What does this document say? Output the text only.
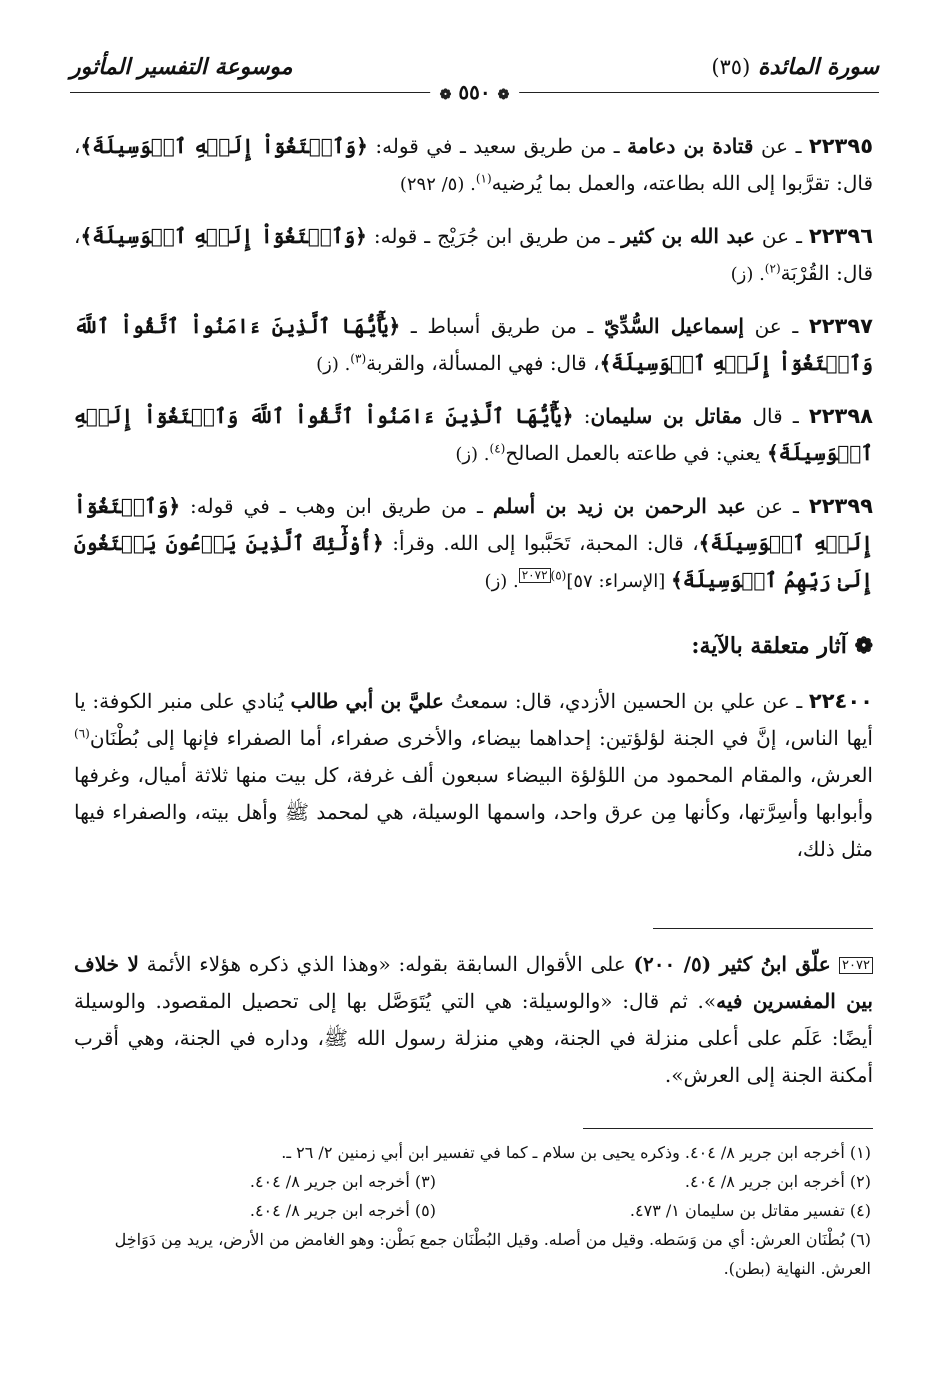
سورة المائدة (٣٥)
موسوعة التفسير المأثور
❁ ٥٥٠ ❁

٢٢٣٩٥ ـ عن قتادة بن دعامة ـ من طريق سعيد ـ في قوله: ﴿وَٱبۡتَغُوٓاْ إِلَيۡهِ ٱلۡوَسِيلَةَ﴾، قال: تقرَّبوا إلى الله بطاعته، والعمل بما يُرضيه$^{(١)}$. (٥/ ٢٩٢)

٢٢٣٩٦ ـ عن عبد الله بن كثير ـ من طريق ابن جُرَيْج ـ قوله: ﴿وَٱبۡتَغُوٓاْ إِلَيۡهِ ٱلۡوَسِيلَةَ﴾، قال: القُرْبَة$^{(٢)}$. (ز)

٢٢٣٩٧ ـ عن إسماعيل السُّدِّيّ ـ من طريق أسباط ـ ﴿يَٰٓأَيُّهَا ٱلَّذِينَ ءَامَنُواْ ٱتَّقُواْ ٱللَّهَ وَٱبۡتَغُوٓاْ إِلَيۡهِ ٱلۡوَسِيلَةَ﴾، قال: فهي المسألة، والقربة$^{(٣)}$. (ز)

٢٢٣٩٨ ـ قال مقاتل بن سليمان: ﴿يَٰٓأَيُّهَا ٱلَّذِينَ ءَامَنُواْ ٱتَّقُواْ ٱللَّهَ وَٱبۡتَغُوٓاْ إِلَيۡهِ ٱلۡوَسِيلَةَ﴾ يعني: في طاعته بالعمل الصالح$^{(٤)}$. (ز)

٢٢٣٩٩ ـ عن عبد الرحمن بن زيد بن أسلم ـ من طريق ابن وهب ـ في قوله: ﴿وَٱبۡتَغُوٓاْ إِلَيۡهِ ٱلۡوَسِيلَةَ﴾، قال: المحبة، تَحَبَّبوا إلى الله. وقرأ: ﴿أُوْلَٰٓئِكَ ٱلَّذِينَ يَدۡعُونَ يَبۡتَغُونَ إِلَىٰ رَبِّهِمُ ٱلۡوَسِيلَةَ﴾ [الإسراء: ٥٧]$^{(٥)}$٢٠٧٢. (ز)

❁ آثار متعلقة بالآية:

٢٢٤٠٠ ـ عن علي بن الحسين الأزدي، قال: سمعتُ عليَّ بن أبي طالب يُنادي على منبر الكوفة: يا أيها الناس، إنَّ في الجنة لؤلؤتين: إحداهما بيضاء، والأخرى صفراء، أما الصفراء فإنها إلى بُطْنَان$^{(٦)}$ العرش، والمقام المحمود من اللؤلؤة البيضاء سبعون ألف غرفة، كل بيت منها ثلاثة أميال، وغرفها وأبوابها وأسِرَّتها، وكأنها مِن عرق واحد، واسمها الوسيلة، هي لمحمد ﷺ وأهل بيته، والصفراء فيها مثل ذلك،

٢٠٧٢ علّق ابنُ كثير (٥/ ٢٠٠) على الأقوال السابقة بقوله: «وهذا الذي ذكره هؤلاء الأئمة لا خلاف بين المفسرين فيه». ثم قال: «والوسيلة: هي التي يُتَوَصَّل بها إلى تحصيل المقصود. والوسيلة أيضًا: عَلَم على أعلى منزلة في الجنة، وهي منزلة رسول الله ﷺ، وداره في الجنة، وهي أقرب أمكنة الجنة إلى العرش».
(١) أخرجه ابن جرير ٨/ ٤٠٤. وذكره يحيى بن سلام ـ كما في تفسير ابن أبي زمنين ٢/ ٢٦ ـ.
(٢) أخرجه ابن جرير ٨/ ٤٠٤.
(٣) أخرجه ابن جرير ٨/ ٤٠٤.
(٤) تفسير مقاتل بن سليمان ١/ ٤٧٣.
(٥) أخرجه ابن جرير ٨/ ٤٠٤.
(٦) بُطْنَان العرش: أي من وَسَطه. وقيل من أصله. وقيل البُطْنَان جمع بَطْن: وهو الغامض من الأرض، يريد مِن دَوَاخِل العرش. النهاية (بطن).
